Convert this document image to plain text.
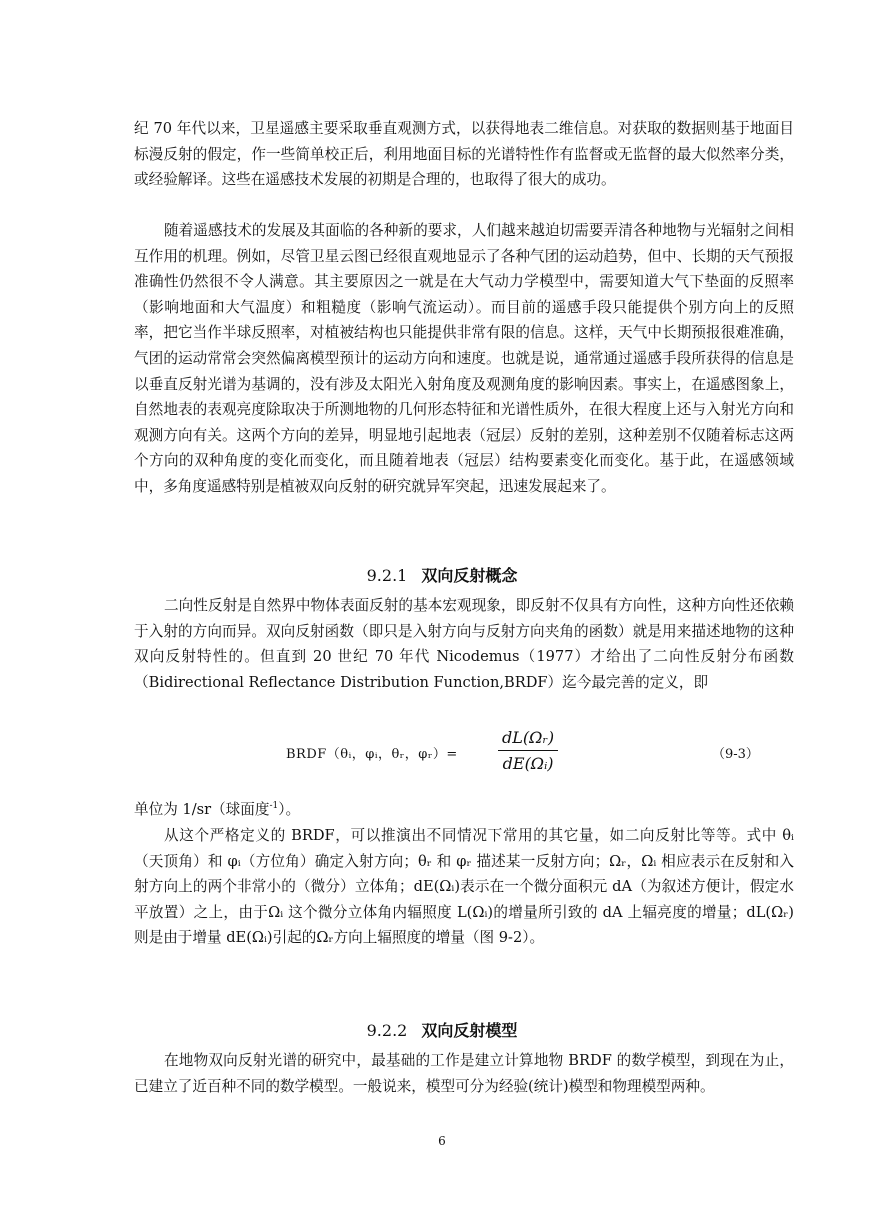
纪 70 年代以来，卫星遥感主要采取垂直观测方式，以获得地表二维信息。对获取的数据则基于地面目标漫反射的假定，作一些简单校正后，利用地面目标的光谱特性作有监督或无监督的最大似然率分类，或经验解译。这些在遥感技术发展的初期是合理的，也取得了很大的成功。
随着遥感技术的发展及其面临的各种新的要求，人们越来越迫切需要弄清各种地物与光辐射之间相互作用的机理。例如，尽管卫星云图已经很直观地显示了各种气团的运动趋势，但中、长期的天气预报准确性仍然很不令人满意。其主要原因之一就是在大气动力学模型中，需要知道大气下垫面的反照率（影响地面和大气温度）和粗糙度（影响气流运动）。而目前的遥感手段只能提供个别方向上的反照率，把它当作半球反照率，对植被结构也只能提供非常有限的信息。这样，天气中长期预报很难准确，气团的运动常常会突然偏离模型预计的运动方向和速度。也就是说，通常通过遥感手段所获得的信息是以垂直反射光谱为基调的，没有涉及太阳光入射角度及观测角度的影响因素。事实上，在遥感图象上，自然地表的表观亮度除取决于所测地物的几何形态特征和光谱性质外，在很大程度上还与入射光方向和观测方向有关。这两个方向的差异，明显地引起地表（冠层）反射的差别，这种差别不仅随着标志这两个方向的双种角度的变化而变化，而且随着地表（冠层）结构要素变化而变化。基于此，在遥感领域中，多角度遥感特别是植被双向反射的研究就异军突起，迅速发展起来了。
9.2.1 双向反射概念
二向性反射是自然界中物体表面反射的基本宏观现象，即反射不仅具有方向性，这种方向性还依赖于入射的方向而异。双向反射函数（即只是入射方向与反射方向夹角的函数）就是用来描述地物的这种双向反射特性的。但直到 20 世纪 70 年代 Nicodemus（1977）才给出了二向性反射分布函数（Bidirectional Reflectance Distribution Function,BRDF）迄今最完善的定义，即
BRDF（θᵢ，φᵢ，θᵣ，φᵣ）=	$\frac{\text{dL(Ωᵣ)}}{\text{dE(Ωᵢ)}}$	（9-3）
单位为 1/sr（球面度$^{-1}$）。
从这个严格定义的 BRDF，可以推演出不同情况下常用的其它量，如二向反射比等等。式中 θᵢ（天顶角）和 φᵢ（方位角）确定入射方向；θᵣ 和 φᵣ 描述某一反射方向；Ωᵣ，Ωᵢ 相应表示在反射和入射方向上的两个非常小的（微分）立体角；dE(Ωᵢ)表示在一个微分面积元 dA（为叙述方便计，假定水平放置）之上，由于Ωᵢ 这个微分立体角内辐照度 L(Ωᵢ)的增量所引致的 dA 上辐亮度的增量；dL(Ωᵣ)则是由于增量 dE(Ωᵢ)引起的Ωᵣ方向上辐照度的增量（图 9-2）。
9.2.2 双向反射模型
在地物双向反射光谱的研究中，最基础的工作是建立计算地物 BRDF 的数学模型，到现在为止，已建立了近百种不同的数学模型。一般说来，模型可分为经验(统计)模型和物理模型两种。
6
